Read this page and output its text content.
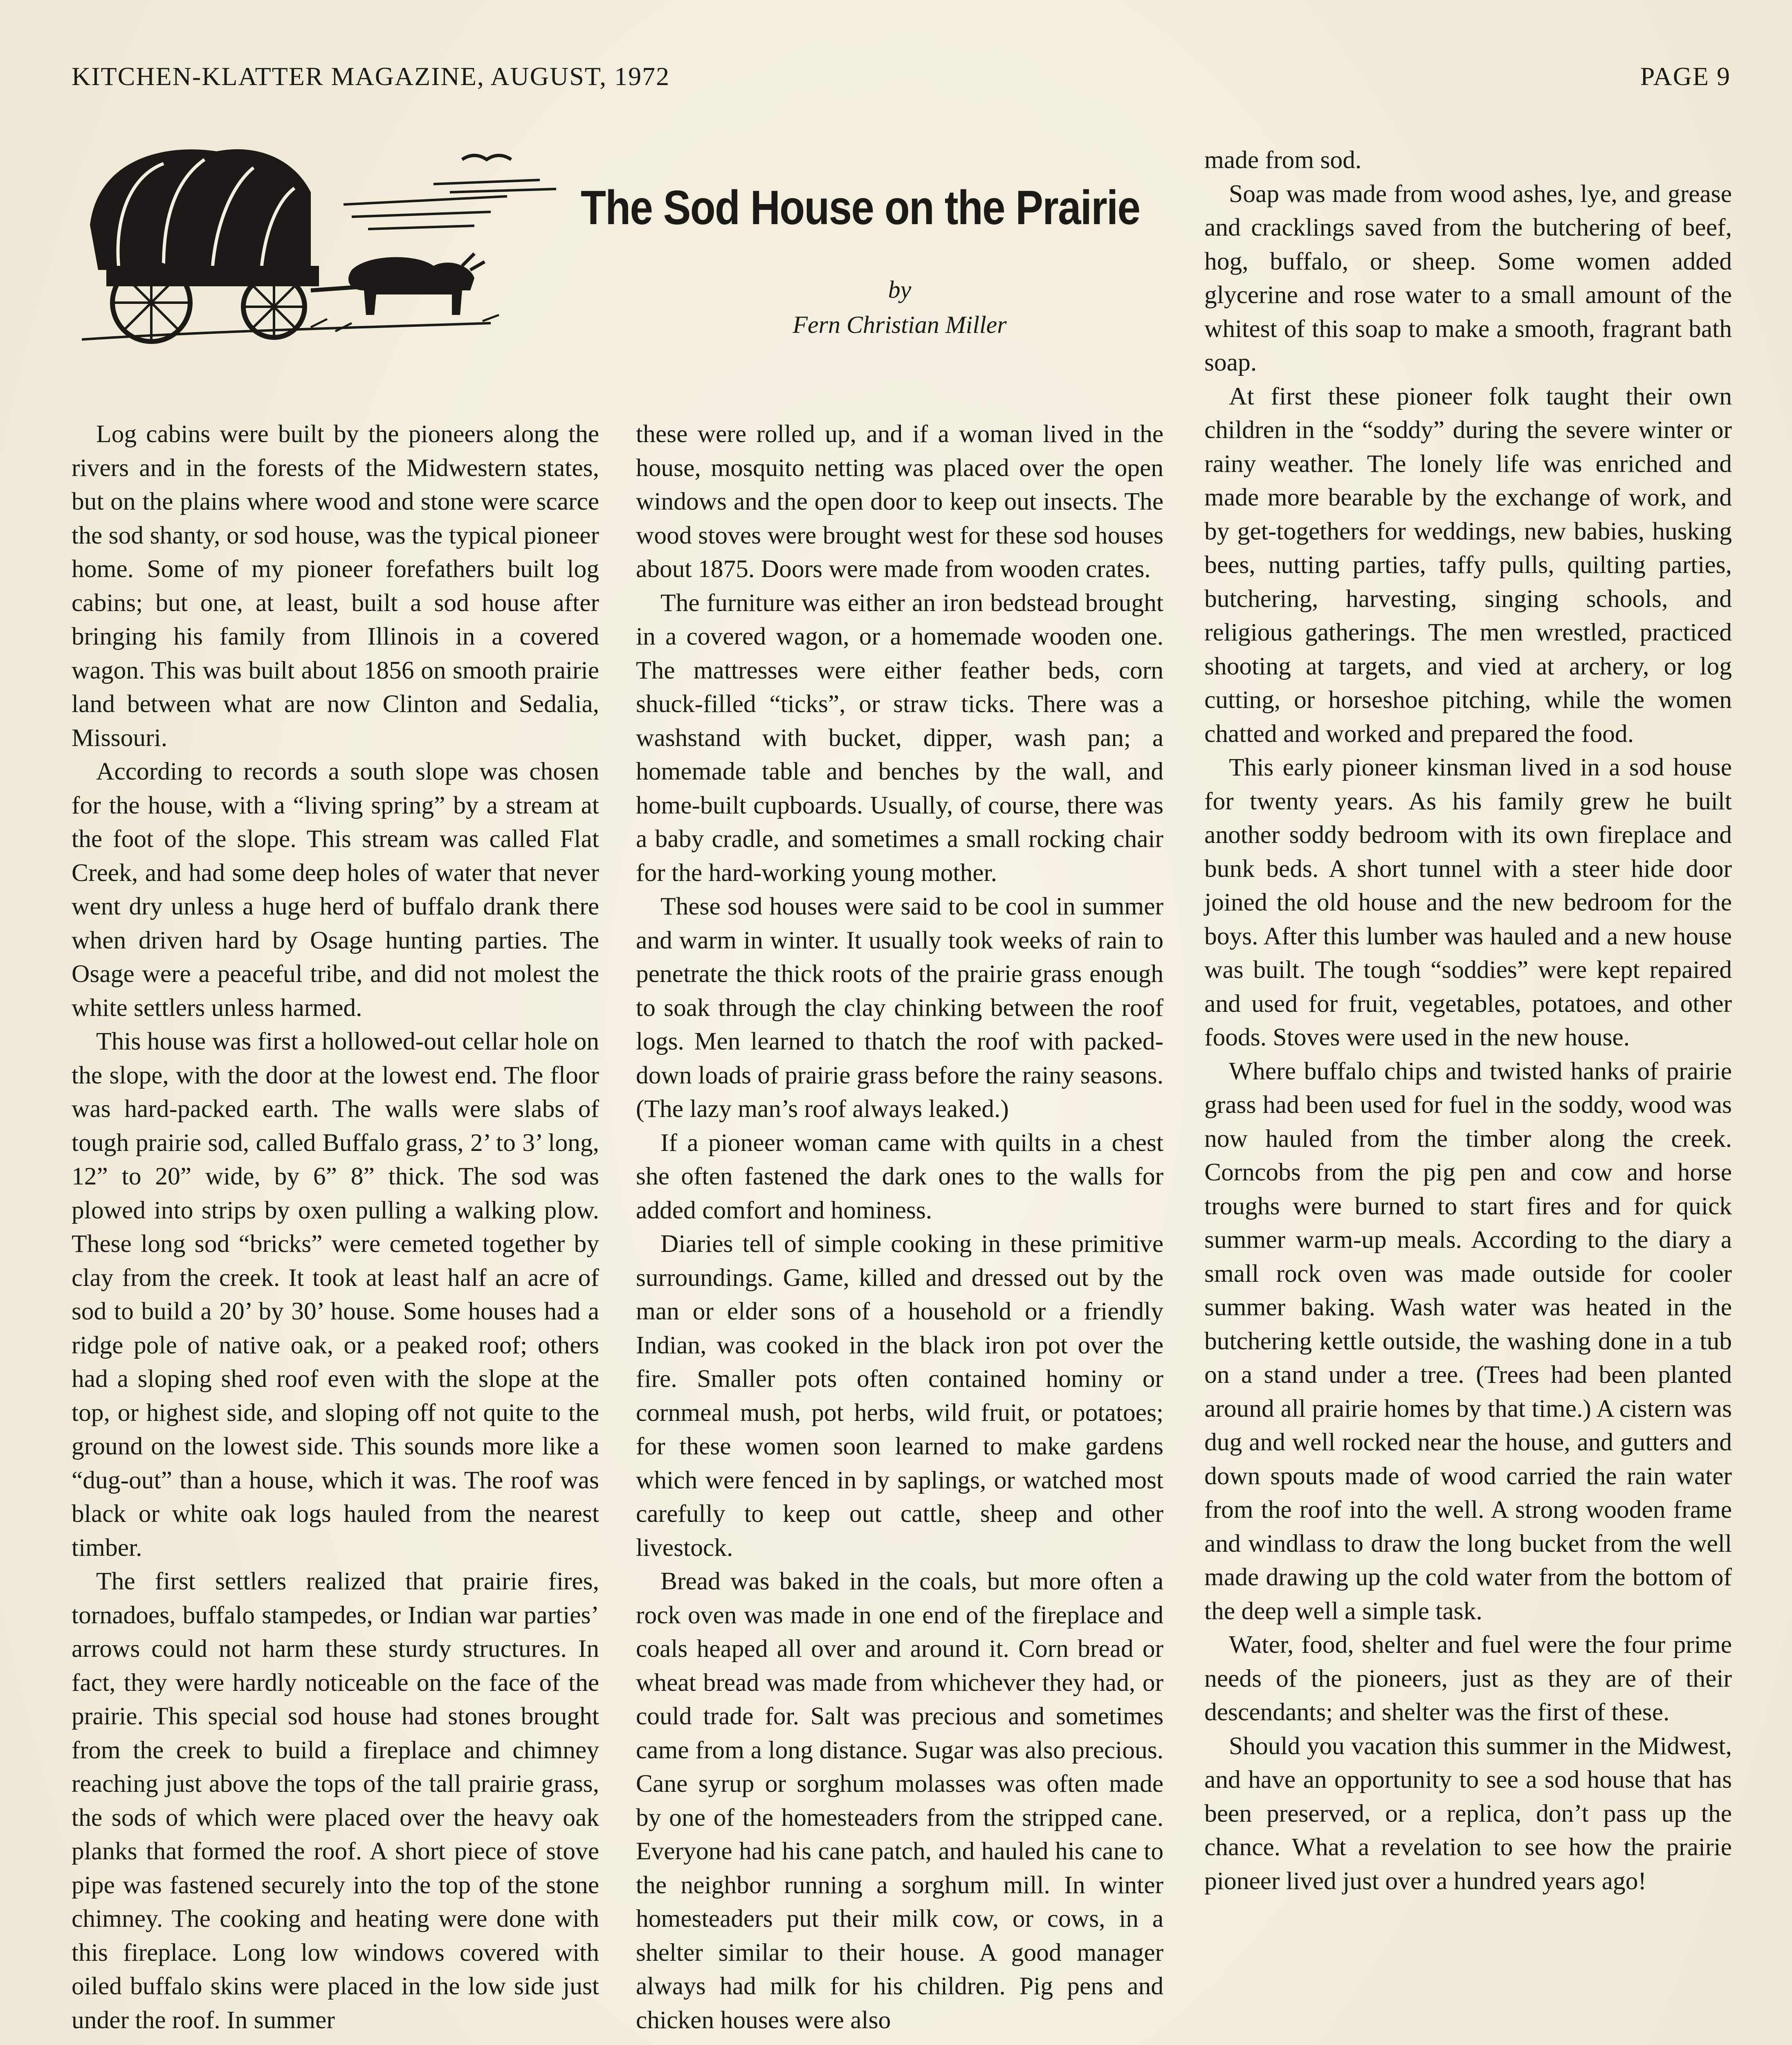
KITCHEN-KLATTER MAGAZINE, AUGUST, 1972	PAGE 9
The Sod House on the Prairie
by
Fern Christian Miller

Log cabins were built by the pioneers along the rivers and in the forests of the Midwestern states, but on the plains where wood and stone were scarce the sod shanty, or sod house, was the typical pioneer home. Some of my pioneer forefathers built log cabins; but one, at least, built a sod house after bringing his family from Illinois in a covered wagon. This was built about 1856 on smooth prairie land between what are now Clinton and Sedalia, Missouri.

According to records a south slope was chosen for the house, with a “living spring” by a stream at the foot of the slope. This stream was called Flat Creek, and had some deep holes of water that never went dry unless a huge herd of buffalo drank there when driven hard by Osage hunting parties. The Osage were a peaceful tribe, and did not molest the white settlers unless harmed.

This house was first a hollowed-out cellar hole on the slope, with the door at the lowest end. The floor was hard-packed earth. The walls were slabs of tough prairie sod, called Buffalo grass, 2’ to 3’ long, 12” to 20” wide, by 6” 8” thick. The sod was plowed into strips by oxen pulling a walking plow. These long sod “bricks” were cemeted together by clay from the creek. It took at least half an acre of sod to build a 20’ by 30’ house. Some houses had a ridge pole of native oak, or a peaked roof; others had a sloping shed roof even with the slope at the top, or highest side, and sloping off not quite to the ground on the lowest side. This sounds more like a “dug-out” than a house, which it was. The roof was black or white oak logs hauled from the nearest timber.

The first settlers realized that prairie fires, tornadoes, buffalo stampedes, or Indian war parties’ arrows could not harm these sturdy structures. In fact, they were hardly noticeable on the face of the prairie. This special sod house had stones brought from the creek to build a fireplace and chimney reaching just above the tops of the tall prairie grass, the sods of which were placed over the heavy oak planks that formed the roof. A short piece of stove pipe was fastened securely into the top of the stone chimney. The cooking and heating were done with this fireplace. Long low windows covered with oiled buffalo skins were placed in the low side just under the roof. In summer

these were rolled up, and if a woman lived in the house, mosquito netting was placed over the open windows and the open door to keep out insects. The wood stoves were brought west for these sod houses about 1875. Doors were made from wooden crates.

The furniture was either an iron bedstead brought in a covered wagon, or a homemade wooden one. The mattresses were either feather beds, corn shuck-filled “ticks”, or straw ticks. There was a washstand with bucket, dipper, wash pan; a homemade table and benches by the wall, and home-built cupboards. Usually, of course, there was a baby cradle, and sometimes a small rocking chair for the hard-working young mother.

These sod houses were said to be cool in summer and warm in winter. It usually took weeks of rain to penetrate the thick roots of the prairie grass enough to soak through the clay chinking between the roof logs. Men learned to thatch the roof with packed-down loads of prairie grass before the rainy seasons. (The lazy man’s roof always leaked.)

If a pioneer woman came with quilts in a chest she often fastened the dark ones to the walls for added comfort and hominess.

Diaries tell of simple cooking in these primitive surroundings. Game, killed and dressed out by the man or elder sons of a household or a friendly Indian, was cooked in the black iron pot over the fire. Smaller pots often contained hominy or cornmeal mush, pot herbs, wild fruit, or potatoes; for these women soon learned to make gardens which were fenced in by saplings, or watched most carefully to keep out cattle, sheep and other livestock.

Bread was baked in the coals, but more often a rock oven was made in one end of the fireplace and coals heaped all over and around it. Corn bread or wheat bread was made from whichever they had, or could trade for. Salt was precious and sometimes came from a long distance. Sugar was also precious. Cane syrup or sorghum molasses was often made by one of the homesteaders from the stripped cane. Everyone had his cane patch, and hauled his cane to the neighbor running a sorghum mill. In winter homesteaders put their milk cow, or cows, in a shelter similar to their house. A good manager always had milk for his children. Pig pens and chicken houses were also

made from sod.

Soap was made from wood ashes, lye, and grease and cracklings saved from the butchering of beef, hog, buffalo, or sheep. Some women added glycerine and rose water to a small amount of the whitest of this soap to make a smooth, fragrant bath soap.

At first these pioneer folk taught their own children in the “soddy” during the severe winter or rainy weather. The lonely life was enriched and made more bearable by the exchange of work, and by get-togethers for weddings, new babies, husking bees, nutting parties, taffy pulls, quilting parties, butchering, harvesting, singing schools, and religious gatherings. The men wrestled, practiced shooting at targets, and vied at archery, or log cutting, or horseshoe pitching, while the women chatted and worked and prepared the food.

This early pioneer kinsman lived in a sod house for twenty years. As his family grew he built another soddy bedroom with its own fireplace and bunk beds. A short tunnel with a steer hide door joined the old house and the new bedroom for the boys. After this lumber was hauled and a new house was built. The tough “soddies” were kept repaired and used for fruit, vegetables, potatoes, and other foods. Stoves were used in the new house.

Where buffalo chips and twisted hanks of prairie grass had been used for fuel in the soddy, wood was now hauled from the timber along the creek. Corncobs from the pig pen and cow and horse troughs were burned to start fires and for quick summer warm-up meals. According to the diary a small rock oven was made outside for cooler summer baking. Wash water was heated in the butchering kettle outside, the washing done in a tub on a stand under a tree. (Trees had been planted around all prairie homes by that time.) A cistern was dug and well rocked near the house, and gutters and down spouts made of wood carried the rain water from the roof into the well. A strong wooden frame and windlass to draw the long bucket from the well made drawing up the cold water from the bottom of the deep well a simple task.

Water, food, shelter and fuel were the four prime needs of the pioneers, just as they are of their descendants; and shelter was the first of these.

Should you vacation this summer in the Midwest, and have an opportunity to see a sod house that has been preserved, or a replica, don’t pass up the chance. What a revelation to see how the prairie pioneer lived just over a hundred years ago!
